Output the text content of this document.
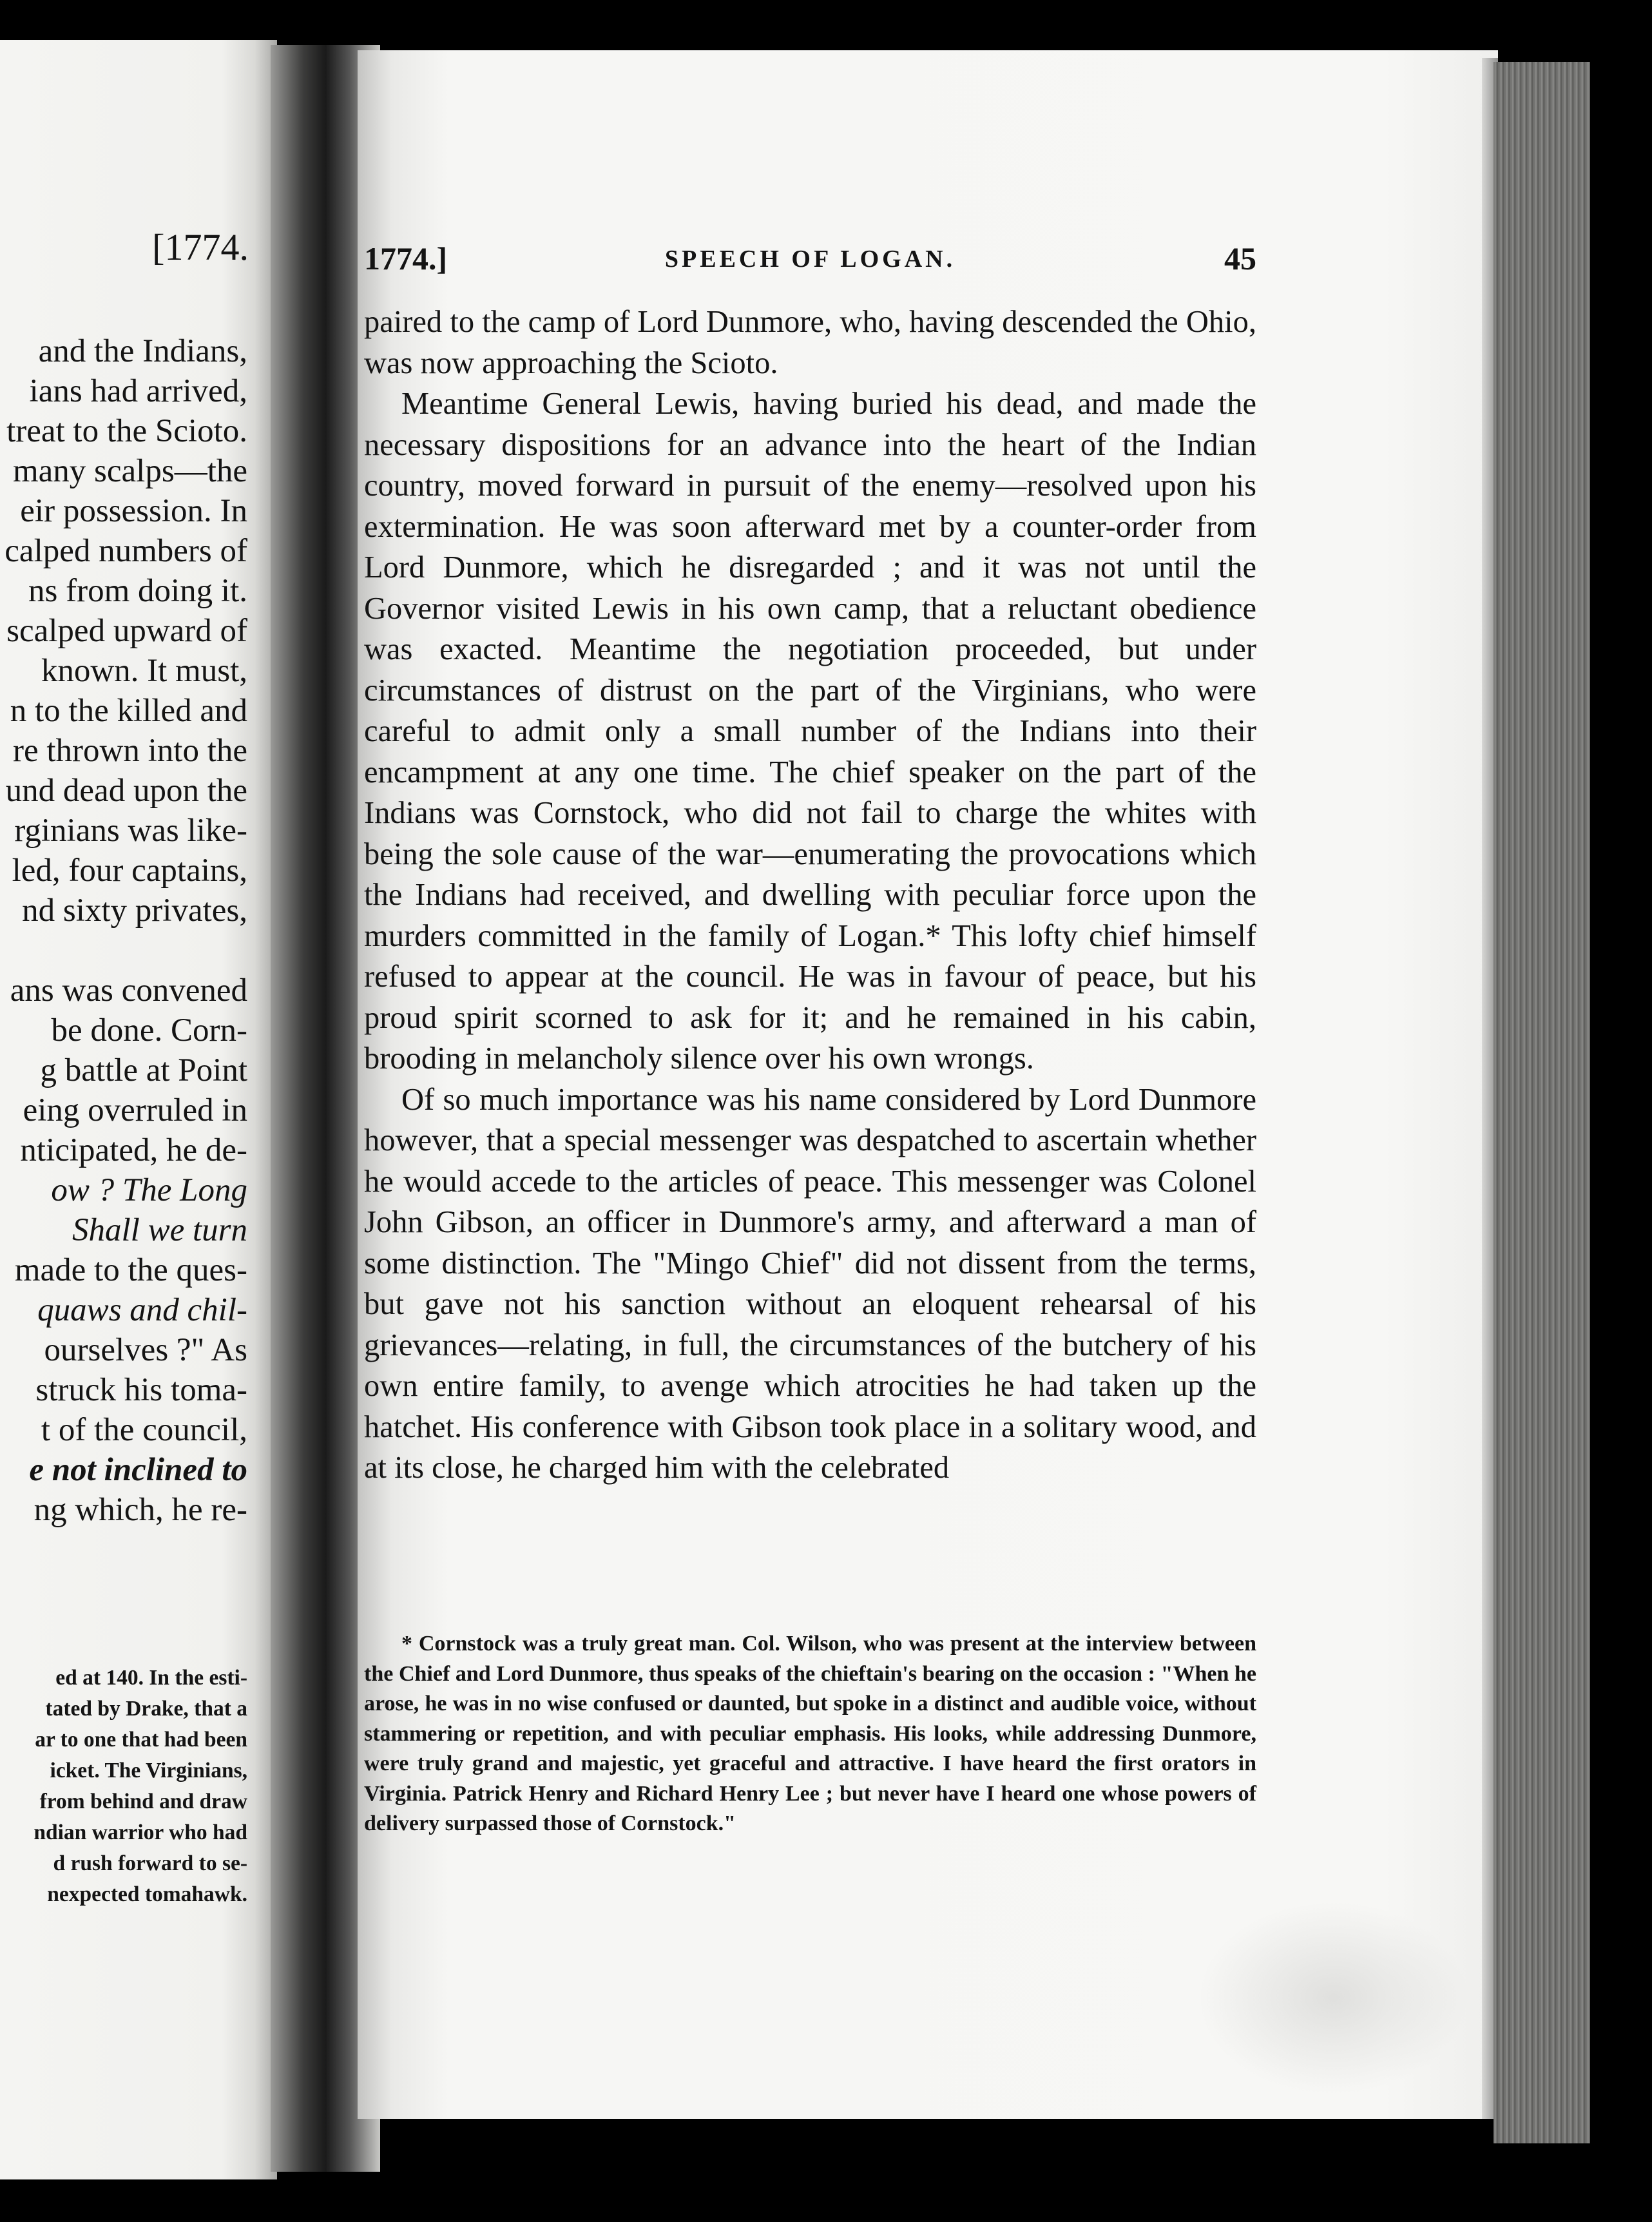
[1774.
and the Indians,
ians had arrived,
treat to the Scioto.
many scalps—the
eir possession. In
calped numbers of
ns from doing it.
scalped upward of
known. It must,
n to the killed and
re thrown into the
und dead upon the
rginians was like-
led, four captains,
nd sixty privates,
ans was convened
be done. Corn-
g battle at Point
eing overruled in
nticipated, he de-
ow ? The Long
Shall we turn
made to the ques-
quaws and chil-
ourselves ?" As
struck his toma-
t of the council,
e not inclined to
ng which, he re-
ed at 140. In the esti-
tated by Drake, that a
ar to one that had been
icket. The Virginians,
from behind and draw
ndian warrior who had
d rush forward to se-
nexpected tomahawk.
1774.]	SPEECH OF LOGAN.	45

paired to the camp of Lord Dunmore, who, having descended the Ohio, was now approaching the Scioto.

Meantime General Lewis, having buried his dead, and made the necessary dispositions for an advance into the heart of the Indian country, moved forward in pursuit of the enemy—resolved upon his extermination. He was soon afterward met by a counter-order from Lord Dunmore, which he disregarded ; and it was not until the Governor visited Lewis in his own camp, that a reluctant obedience was exacted. Meantime the negotiation proceeded, but under circumstances of distrust on the part of the Virginians, who were careful to admit only a small number of the Indians into their encampment at any one time. The chief speaker on the part of the Indians was Cornstock, who did not fail to charge the whites with being the sole cause of the war—enumerating the provocations which the Indians had received, and dwelling with peculiar force upon the murders committed in the family of Logan.* This lofty chief himself refused to appear at the council. He was in favour of peace, but his proud spirit scorned to ask for it; and he remained in his cabin, brooding in melancholy silence over his own wrongs.

Of so much importance was his name considered by Lord Dunmore however, that a special messenger was despatched to ascertain whether he would accede to the articles of peace. This messenger was Colonel John Gibson, an officer in Dunmore's army, and afterward a man of some distinction. The "Mingo Chief" did not dissent from the terms, but gave not his sanction without an eloquent rehearsal of his grievances—relating, in full, the circumstances of the butchery of his own entire family, to avenge which atrocities he had taken up the hatchet. His conference with Gibson took place in a solitary wood, and at its close, he charged him with the celebrated

* Cornstock was a truly great man. Col. Wilson, who was present at the interview between the Chief and Lord Dunmore, thus speaks of the chieftain's bearing on the occasion : "When he arose, he was in no wise confused or daunted, but spoke in a distinct and audible voice, without stammering or repetition, and with peculiar emphasis. His looks, while addressing Dunmore, were truly grand and majestic, yet graceful and attractive. I have heard the first orators in Virginia. Patrick Henry and Richard Henry Lee ; but never have I heard one whose powers of delivery surpassed those of Cornstock."
